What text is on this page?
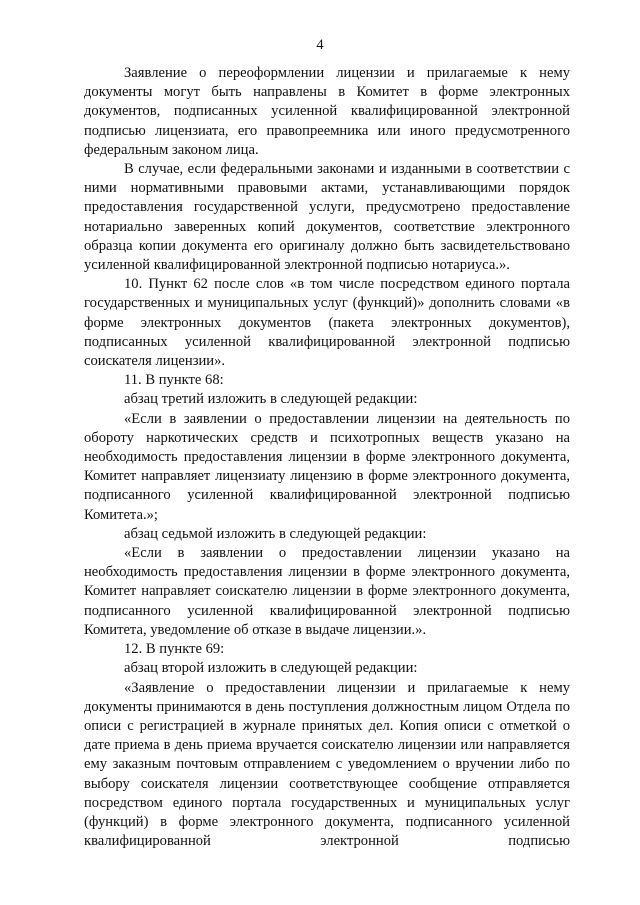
4

Заявление о переоформлении лицензии и прилагаемые к нему документы могут быть направлены в Комитет в форме электронных документов, подписанных усиленной квалифицированной электронной подписью лицензиата, его правопреемника или иного предусмотренного федеральным законом лица.

В случае, если федеральными законами и изданными в соответствии с ними нормативными правовыми актами, устанавливающими порядок предоставления государственной услуги, предусмотрено предоставление нотариально заверенных копий документов, соответствие электронного образца копии документа его оригиналу должно быть засвидетельствовано усиленной квалифицированной электронной подписью нотариуса.».

10. Пункт 62 после слов «в том числе посредством единого портала государственных и муниципальных услуг (функций)» дополнить словами «в форме электронных документов (пакета электронных документов), подписанных усиленной квалифицированной электронной подписью соискателя лицензии».

11. В пункте 68:

абзац третий изложить в следующей редакции:

«Если в заявлении о предоставлении лицензии на деятельность по обороту наркотических средств и психотропных веществ указано на необходимость предоставления лицензии в форме электронного документа, Комитет направляет лицензиату лицензию в форме электронного документа, подписанного усиленной квалифицированной электронной подписью Комитета.»;

абзац седьмой изложить в следующей редакции:

«Если в заявлении о предоставлении лицензии указано на необходимость предоставления лицензии в форме электронного документа, Комитет направляет соискателю лицензии в форме электронного документа, подписанного усиленной квалифицированной электронной подписью Комитета, уведомление об отказе в выдаче лицензии.».

12. В пункте 69:

абзац второй изложить в следующей редакции:

«Заявление о предоставлении лицензии и прилагаемые к нему документы принимаются в день поступления должностным лицом Отдела по описи с регистрацией в журнале принятых дел. Копия описи с отметкой о дате приема в день приема вручается соискателю лицензии или направляется ему заказным почтовым отправлением с уведомлением о вручении либо по выбору соискателя лицензии соответствующее сообщение отправляется посредством единого портала государственных и муниципальных услуг (функций) в форме электронного документа, подписанного усиленной квалифицированной электронной подписью
